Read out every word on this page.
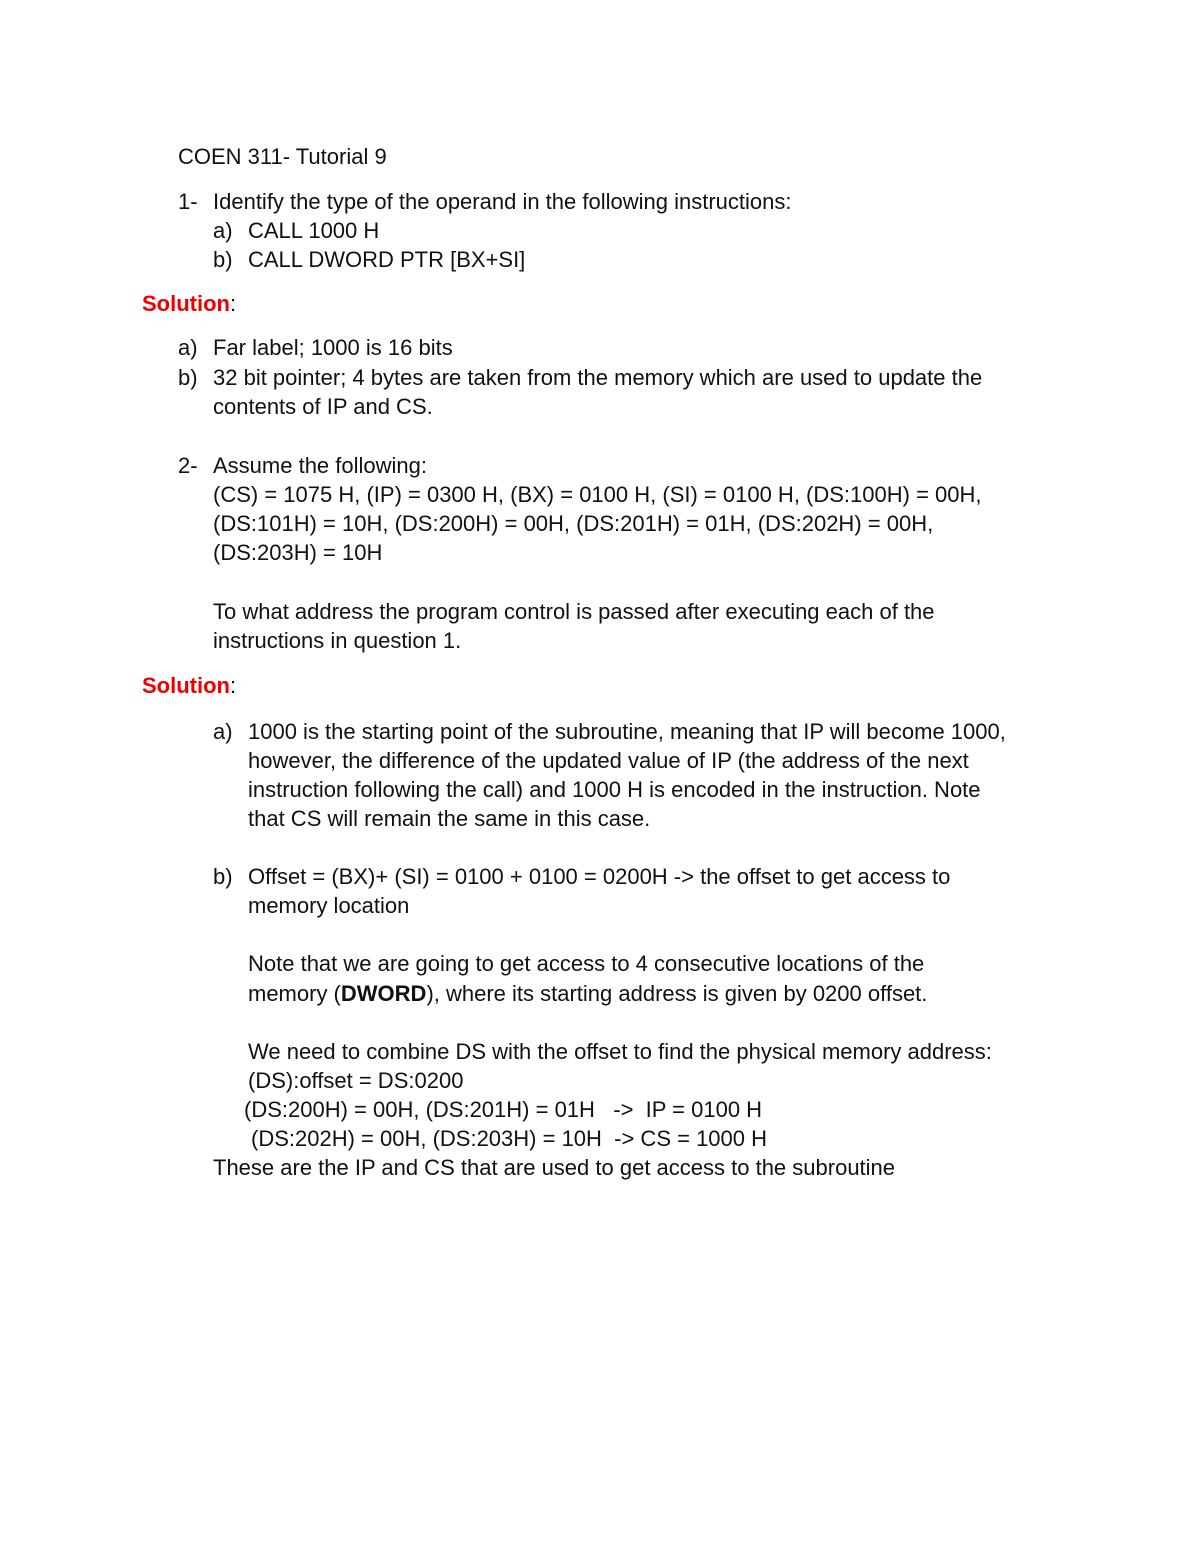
COEN 311- Tutorial 9
1- Identify the type of the operand in the following instructions:
a) CALL 1000 H
b) CALL DWORD PTR [BX+SI]
Solution:
a) Far label; 1000 is 16 bits
b) 32 bit pointer; 4 bytes are taken from the memory which are used to update the
contents of IP and CS.
2- Assume the following:
(CS) = 1075 H, (IP) = 0300 H, (BX) = 0100 H, (SI) = 0100 H, (DS:100H) = 00H,
(DS:101H) = 10H, (DS:200H) = 00H, (DS:201H) = 01H, (DS:202H) = 00H,
(DS:203H) = 10H
To what address the program control is passed after executing each of the
instructions in question 1.
Solution:
a) 1000 is the starting point of the subroutine, meaning that IP will become 1000,
however, the difference of the updated value of IP (the address of the next
instruction following the call) and 1000 H is encoded in the instruction. Note
that CS will remain the same in this case.
b) Offset = (BX)+ (SI) = 0100 + 0100 = 0200H -> the offset to get access to
memory location
Note that we are going to get access to 4 consecutive locations of the
memory (DWORD), where its starting address is given by 0200 offset.
We need to combine DS with the offset to find the physical memory address:
(DS):offset = DS:0200
(DS:200H) = 00H, (DS:201H) = 01H   ->  IP = 0100 H
(DS:202H) = 00H, (DS:203H) = 10H  -> CS = 1000 H
These are the IP and CS that are used to get access to the subroutine
